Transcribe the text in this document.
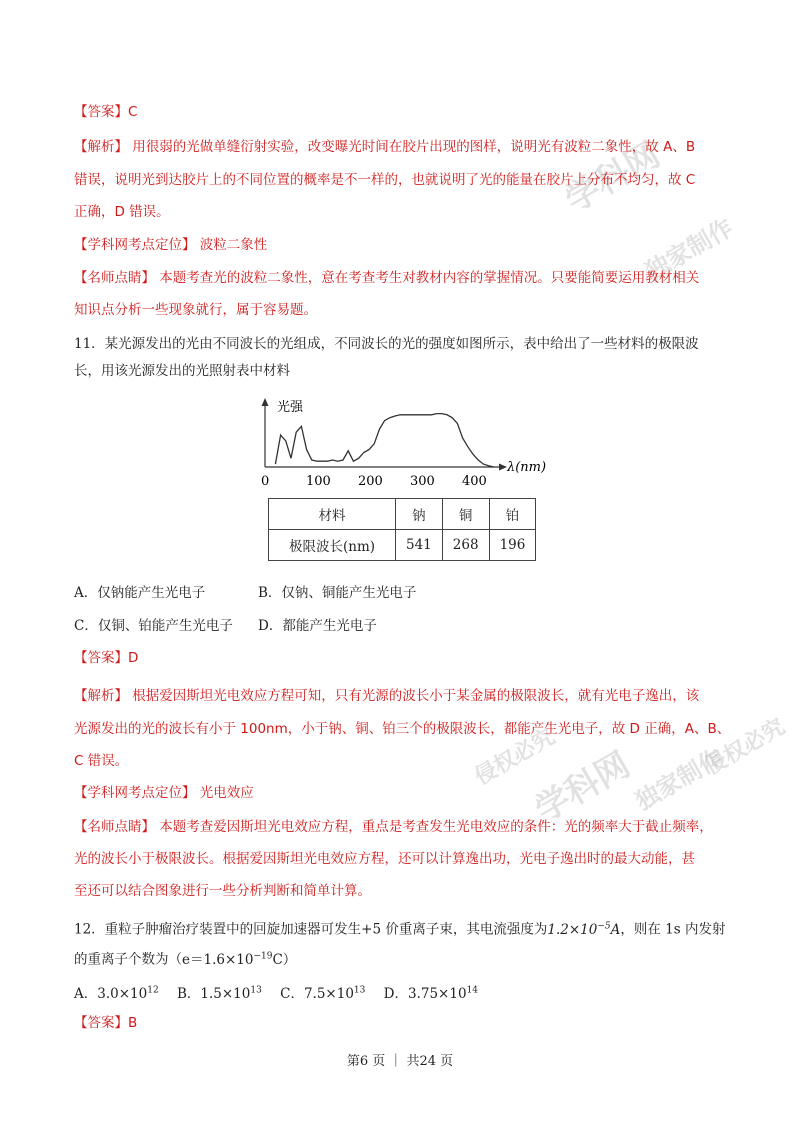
学科网
独家制作
侵权必究
学科网
独家制作
侵权必究
【答案】C
【解析】 用很弱的光做单缝衍射实验，改变曝光时间在胶片出现的图样，说明光有波粒二象性，故 A、B
错误，说明光到达胶片上的不同位置的概率是不一样的，也就说明了光的能量在胶片上分布不均匀，故 C
正确，D 错误。
【学科网考点定位】 波粒二象性
【名师点睛】 本题考查光的波粒二象性，意在考查考生对教材内容的掌握情况。只要能简要运用教材相关
知识点分析一些现象就行，属于容易题。
11．某光源发出的光由不同波长的光组成，不同波长的光的强度如图所示，表中给出了一些材料的极限波
长，用该光源发出的光照射表中材料
光强
λ(nm)
0	100 200 300 400
材料	钠	铜	铂
极限波长(nm)	541	268	196
A．仅钠能产生光电子	B．仅钠、铜能产生光电子
C．仅铜、铂能产生光电子 D．都能产生光电子
【答案】D
【解析】 根据爱因斯坦光电效应方程可知，只有光源的波长小于某金属的极限波长，就有光电子逸出，该
光源发出的光的波长有小于 100nm，小于钠、铜、铂三个的极限波长，都能产生光电子，故 D 正确，A、B、
C 错误。
【学科网考点定位】 光电效应
【名师点睛】 本题考查爱因斯坦光电效应方程，重点是考查发生光电效应的条件：光的频率大于截止频率，
光的波长小于极限波长。根据爱因斯坦光电效应方程，还可以计算逸出功，光电子逸出时的最大动能，甚
至还可以结合图象进行一些分析判断和简单计算。
12．重粒子肿瘤治疗装置中的回旋加速器可发生+5 价重离子束，其电流强度为$1.2\times 10^{-5}A$，则在 1s 内发射
的重离子个数为$(e=1.6\times 10^{-19}C)$
A．$3.0\times 10^{12}$ B．$1.5\times 10^{13}$ C．$7.5\times 10^{13}$ D．$3.75\times 10^{14}$
【答案】B
第6 页 ｜ 共24 页
